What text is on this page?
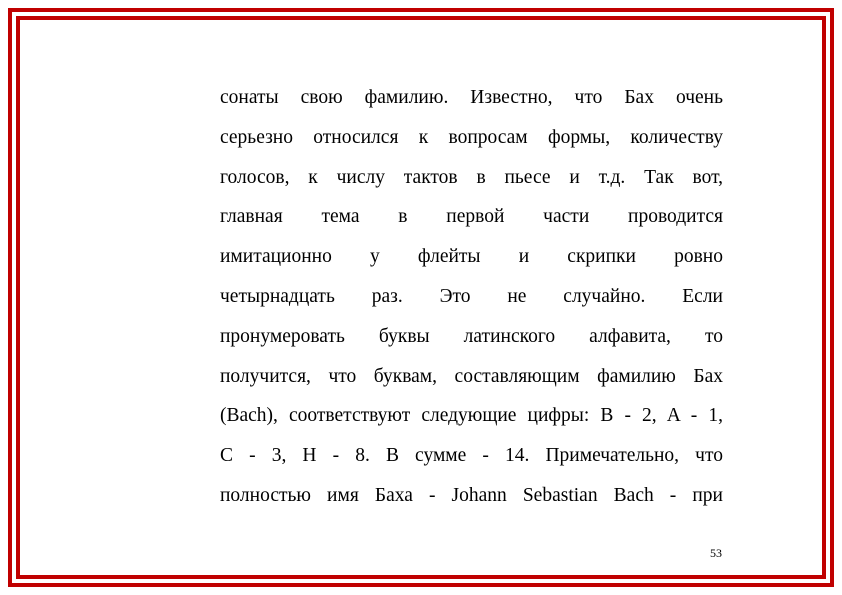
сонаты свою фамилию. Известно, что Бах очень
серьезно относился к вопросам формы, количеству
голосов, к числу тактов в пьесе и т.д. Так вот,
главная тема в первой части проводится
имитационно у флейты и скрипки ровно
четырнадцать раз. Это не случайно. Если
пронумеровать буквы латинского алфавита, то
получится, что буквам, составляющим фамилию Бах
(Bach), соответствуют следующие цифры: B - 2, A - 1,
C - 3, H - 8. В сумме - 14. Примечательно, что
полностью имя Баха - Johann Sebastian Bach - при
53
